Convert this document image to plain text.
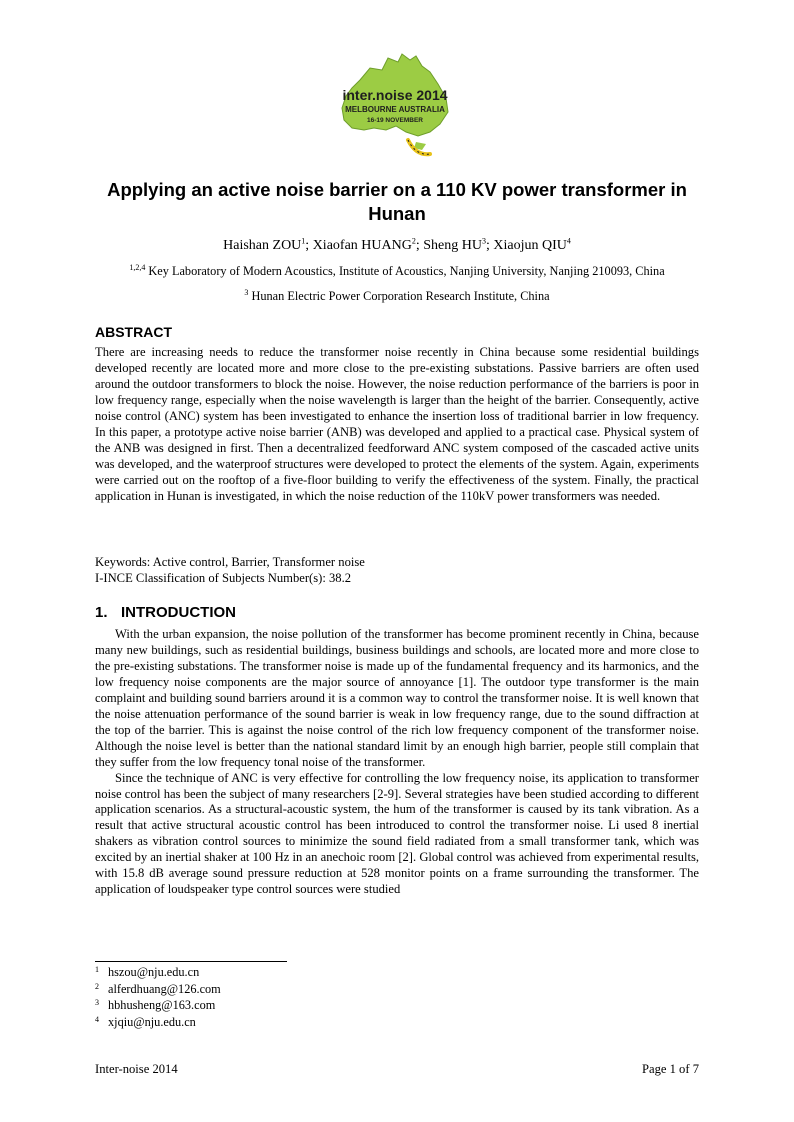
inter.noise 2014
MELBOURNE AUSTRALIA
16-19 NOVEMBER
Applying an active noise barrier on a 110 KV power transformer in Hunan
Haishan ZOU$^1$; Xiaofan HUANG$^2$; Sheng $HU^3$; Xiaojun QIU$^4$
$^{1,2,4}$ Key Laboratory of Modern Acoustics, Institute of Acoustics, Nanjing University, Nanjing 210093, China
$^3$ Hunan Electric Power Corporation Research Institute, China
ABSTRACT
There are increasing needs to reduce the transformer noise recently in China because some residential buildings developed recently are located more and more close to the pre-existing substations. Passive barriers are often used around the outdoor transformers to block the noise. However, the noise reduction performance of the barriers is poor in low frequency range, especially when the noise wavelength is larger than the height of the barrier. Consequently, active noise control (ANC) system has been investigated to enhance the insertion loss of traditional barrier in low frequency. In this paper, a prototype active noise barrier (ANB) was developed and applied to a practical case. Physical system of the ANB was designed in first. Then a decentralized feedforward ANC system composed of the cascaded active units was developed, and the waterproof structures were developed to protect the elements of the system. Again, experiments were carried out on the rooftop of a five-floor building to verify the effectiveness of the system. Finally, the practical application in Hunan is investigated, in which the noise reduction of the 110kV power transformers was needed.
Keywords: Active control, Barrier, Transformer noise
I-INCE Classification of Subjects Number(s): 38.2
1. INTRODUCTION

With the urban expansion, the noise pollution of the transformer has become prominent recently in China, because many new buildings, such as residential buildings, business buildings and schools, are located more and more close to the pre-existing substations. The transformer noise is made up of the fundamental frequency and its harmonics, and the low frequency noise components are the major source of annoyance [1]. The outdoor type transformer is the main complaint and building sound barriers around it is a common way to control the transformer noise. It is well known that the noise attenuation performance of the sound barrier is weak in low frequency range, due to the sound diffraction at the top of the barrier. This is against the noise control of the rich low frequency component of the transformer noise. Although the noise level is better than the national standard limit by an enough high barrier, people still complain that they suffer from the low frequency tonal noise of the transformer.

Since the technique of ANC is very effective for controlling the low frequency noise, its application to transformer noise control has been the subject of many researchers [2-9]. Several strategies have been studied according to different application scenarios. As a structural-acoustic system, the hum of the transformer is caused by its tank vibration. As a result that active structural acoustic control has been introduced to control the transformer noise. Li used 8 inertial shakers as vibration control sources to minimize the sound field radiated from a small transformer tank, which was excited by an inertial shaker at 100 Hz in an anechoic room [2]. Global control was achieved from experimental results, with 15.8 dB average sound pressure reduction at 528 monitor points on a frame surrounding the transformer. The application of loudspeaker type control sources were studied

1 hszou@nju.edu.cn
2 alferdhuang@126.com
3 hbhusheng@163.com
4 xjqiu@nju.edu.cn
Inter-noise 2014	Page 1 of 7
